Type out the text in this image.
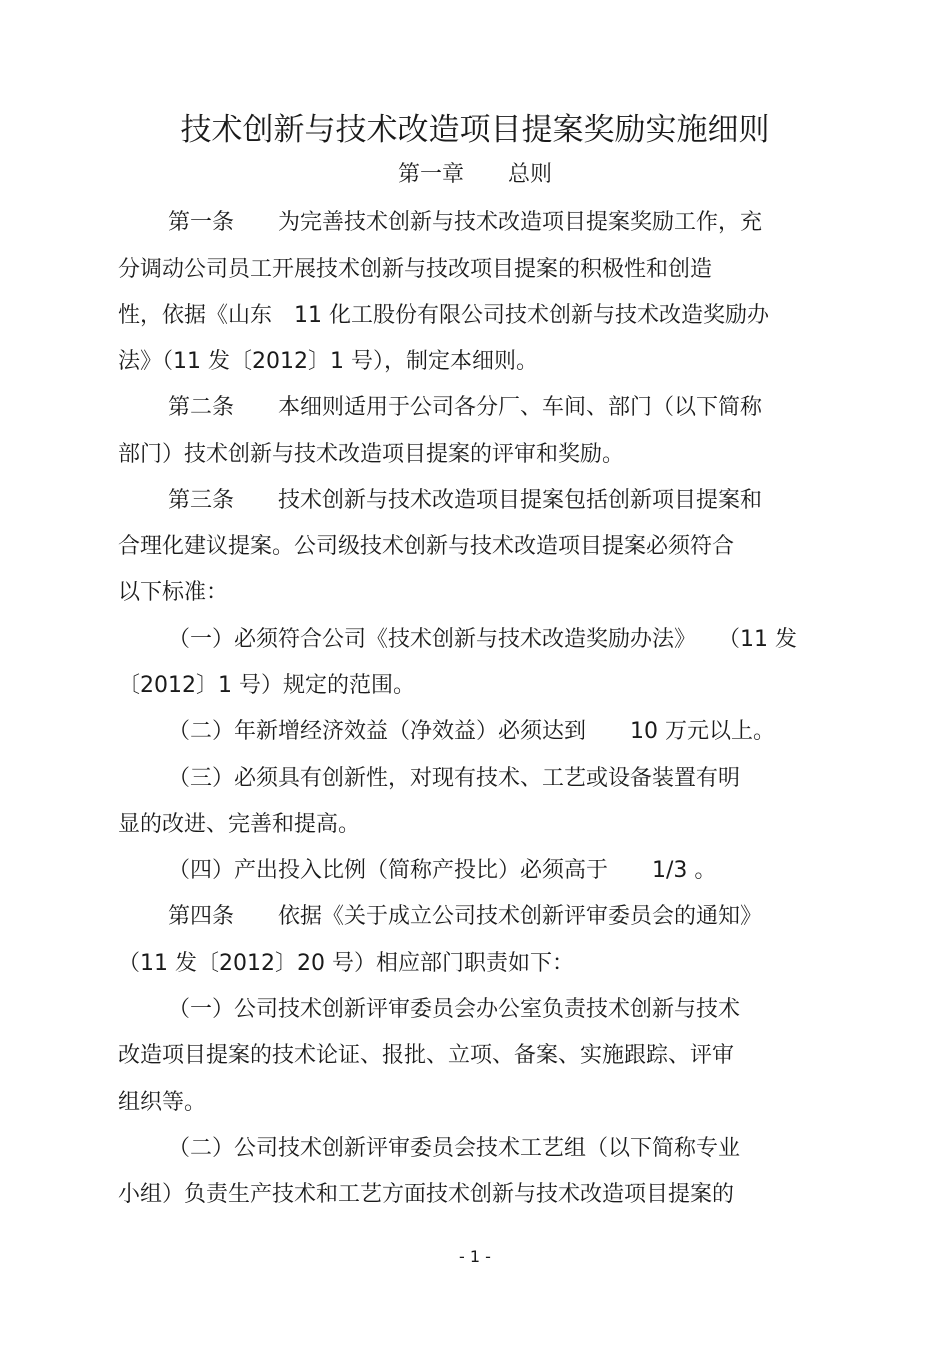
技术创新与技术改造项目提案奖励实施细则
第一章　　总则
第一条　　为完善技术创新与技术改造项目提案奖励工作，充
分调动公司员工开展技术创新与技改项目提案的积极性和创造
性，依据《山东　11 化工股份有限公司技术创新与技术改造奖励办
法》（11 发〔2012〕1 号），制定本细则。
第二条　　本细则适用于公司各分厂、车间、部门（以下简称
部门）技术创新与技术改造项目提案的评审和奖励。
第三条　　技术创新与技术改造项目提案包括创新项目提案和
合理化建议提案。公司级技术创新与技术改造项目提案必须符合
以下标准：
（一）必须符合公司《技术创新与技术改造奖励办法》　　（11 发
〔2012〕1 号）规定的范围。
（二）年新增经济效益（净效益）必须达到　　10 万元以上。
（三）必须具有创新性，对现有技术、工艺或设备装置有明
显的改进、完善和提高。
（四）产出投入比例（简称产投比）必须高于　　1/3 。
第四条　　依据《关于成立公司技术创新评审委员会的通知》
（11 发〔2012〕20 号）相应部门职责如下：
（一）公司技术创新评审委员会办公室负责技术创新与技术
改造项目提案的技术论证、报批、立项、备案、实施跟踪、评审
组织等。
（二）公司技术创新评审委员会技术工艺组（以下简称专业
小组）负责生产技术和工艺方面技术创新与技术改造项目提案的
- 1 -
